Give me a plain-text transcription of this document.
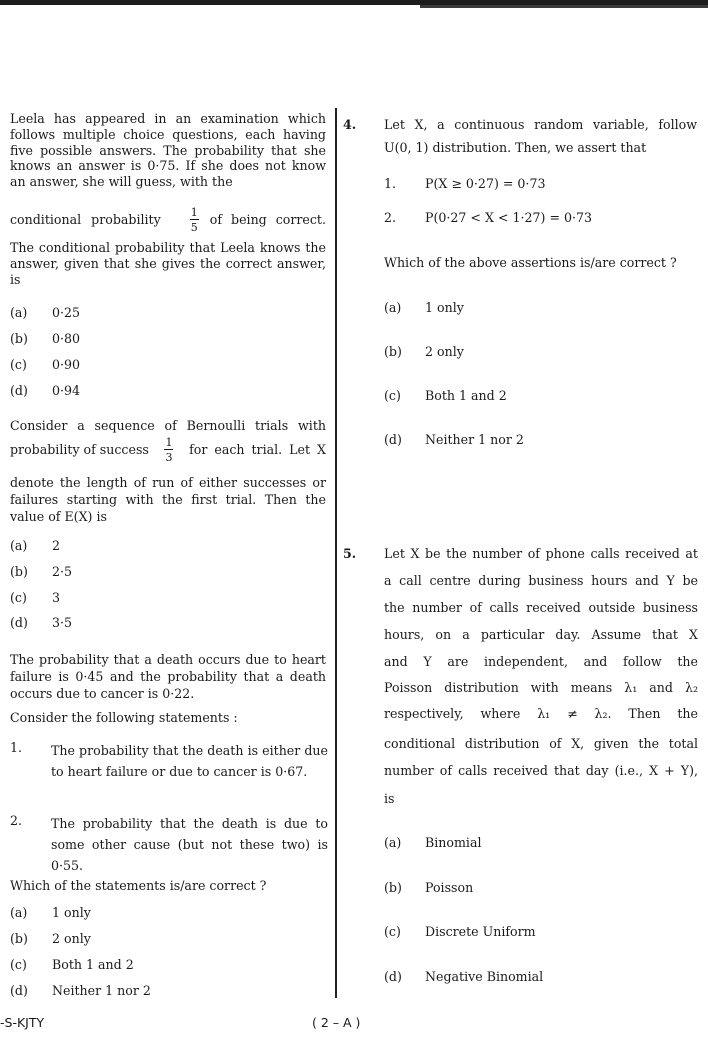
Leela has appeared in an examination which follows multiple choice questions, each having five possible answers. The probability that she knows an answer is 0·75. If she does not know an answer, she will guess, with the
conditional probability	$\frac{1}{5}$ of being correct.
The conditional probability that Leela knows the answer, given that she gives the correct answer, is
(a) 0·25
(b) 0·80
(c) 0·90
(d) 0·94
Consider a sequence of Bernoulli trials with
probability of success $\frac{1}{3}$ for each trial. Let X
denote the length of run of either successes or failures starting with the first trial. Then the value of E(X) is
(a) 2
(b) 2·5
(c) 3
(d) 3·5
The probability that a death occurs due to heart failure is 0·45 and the probability that a death occurs due to cancer is 0·22.
Consider the following statements :
1. The probability that the death is either due to heart failure or due to cancer is 0·67.
2. The probability that the death is due to some other cause (but not these two) is 0·55.
Which of the statements is/are correct ?
(a) 1 only
(b) 2 only
(c) Both 1 and 2
(d) Neither 1 nor 2
4. Let X, a continuous random variable, follow
U(0, 1) distribution. Then, we assert that
1. P(X ≥ 0·27) = 0·73
2. P(0·27 < X < 1·27) = 0·73
Which of the above assertions is/are correct ?
(a) 1 only
(b) 2 only
(c) Both 1 and 2
(d) Neither 1 nor 2
5. Let X be the number of phone calls received at
a call centre during business hours and Y be
the number of calls received outside business
hours, on a particular day. Assume that X
and Y are independent, and follow the
Poisson distribution with means λ₁ and λ₂
respectively, where λ₁ ≠ λ₂. Then the
conditional distribution of X, given the total
number of calls received that day (i.e., X + Y),
is
(a) Binomial
(b) Poisson
(c) Discrete Uniform
(d) Negative Binomial
-S-KJTY	( 2 – A )
